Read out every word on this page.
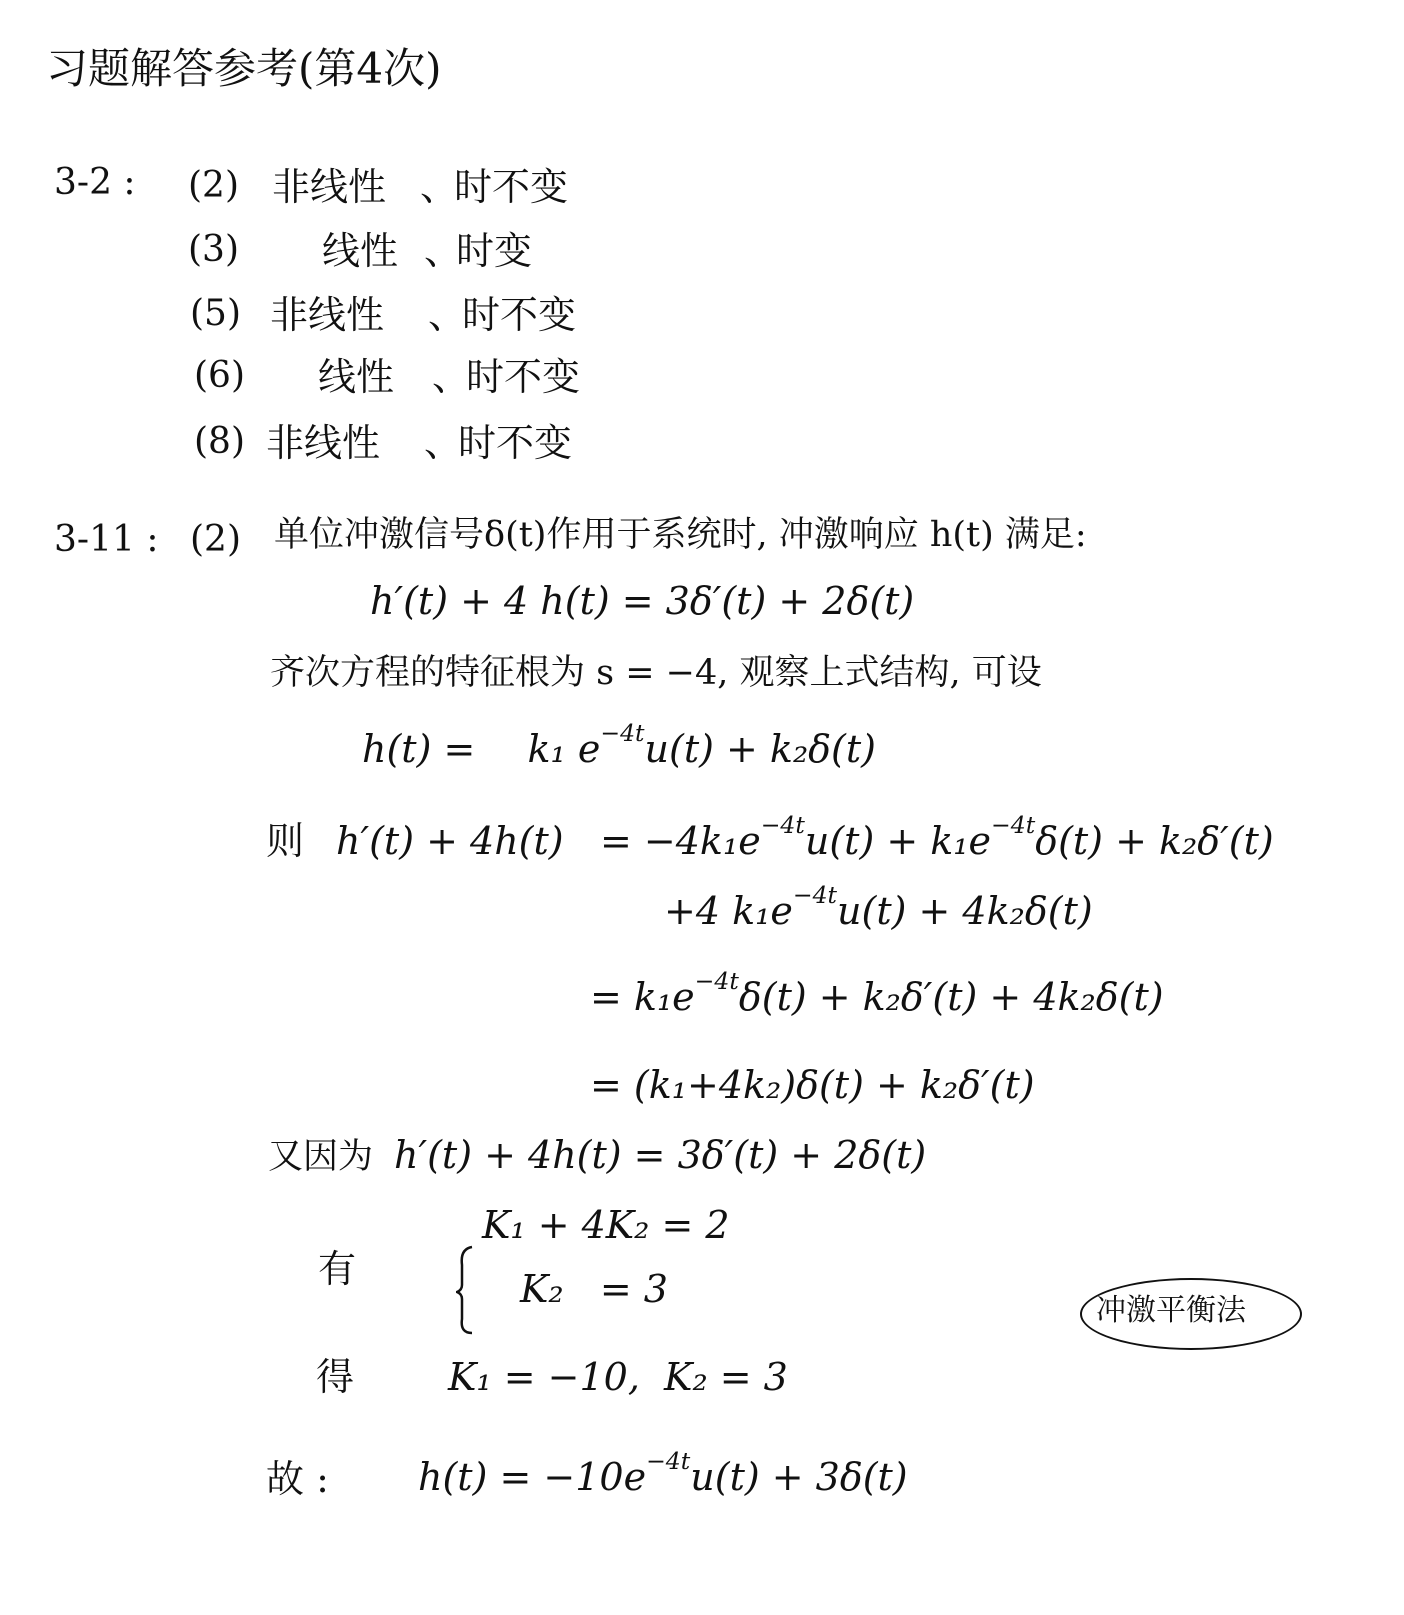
习题解答参考(第4次)
3-2 : (2) 非线性 、
时不变
(3) 线性 、
时变
(5) 非线性 、
时不变
(6) 线性 、
时不变
(8) 非线性 、
时不变
3-11 : (2) 单位冲激信号δ(t)作用于系统时, 冲激响应 h(t) 满足:
h′(t) + 4 h(t) = 3δ′(t) + 2δ(t)
齐次方程的特征根为 s = −4, 观察上式结构, 可设
h(t) = k₁ $e^{-4t}u(t) + k_2\delta(t)$
则 $h'(t) + 4h(t) = -4k_1e^{-4t}u(t) + k_1e^{-4t}\delta(t) + k_2\delta'(t)$
+4 $k_1e^{-4t}u(t) + 4k_2\delta(t)$
= $k_1e^{-4t}\delta(t) + k_2\delta'(t) + 4k_2\delta(t)$
= (k₁+4k₂)δ(t) + k₂δ′(t)
又因为 h′(t) + 4h(t) = 3δ′(t) + 2δ(t)
有
K₁ + 4K₂ = 2
K₂   = 3	冲激平衡法
得 K₁ = −10,  K₂ = 3
故 : $h(t) = -10e^{-4t}u(t) + 3\delta(t)$
